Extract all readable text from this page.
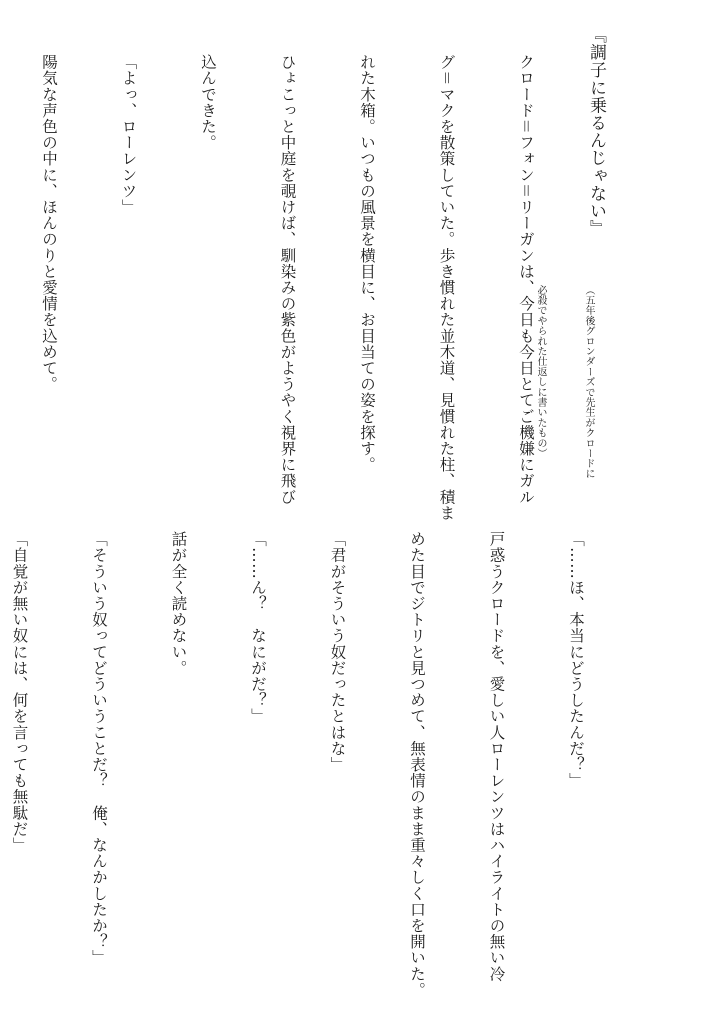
『調子に乗るんじゃない』

（五年後グロンダーズで先生がクロードに

必殺でやられた仕返しに書いたもの）

クロード＝フォン＝リーガンは、今日も今日とてご機嫌にガル

グ＝マクを散策していた。歩き慣れた並木道、見慣れた柱、積ま

れた木箱。いつもの風景を横目に、お目当ての姿を探す。

ひょこっと中庭を覗けば、馴染みの紫色がようやく視界に飛び

込んできた。

「よっ、ローレンツ」

陽気な声色の中に、ほんのりと愛情を込めて。

「……ほ、本当にどうしたんだ？」

戸惑うクロードを、愛しい人ローレンツはハイライトの無い冷

めた目でジトリと見つめて、無表情のまま重々しく口を開いた。

「君がそういう奴だったとはな」

「……ん？　なにがだ？」

話が全く読めない。

「そういう奴ってどういうことだ？　俺、なんかしたか？」

「自覚が無い奴には、何を言っても無駄だ」
